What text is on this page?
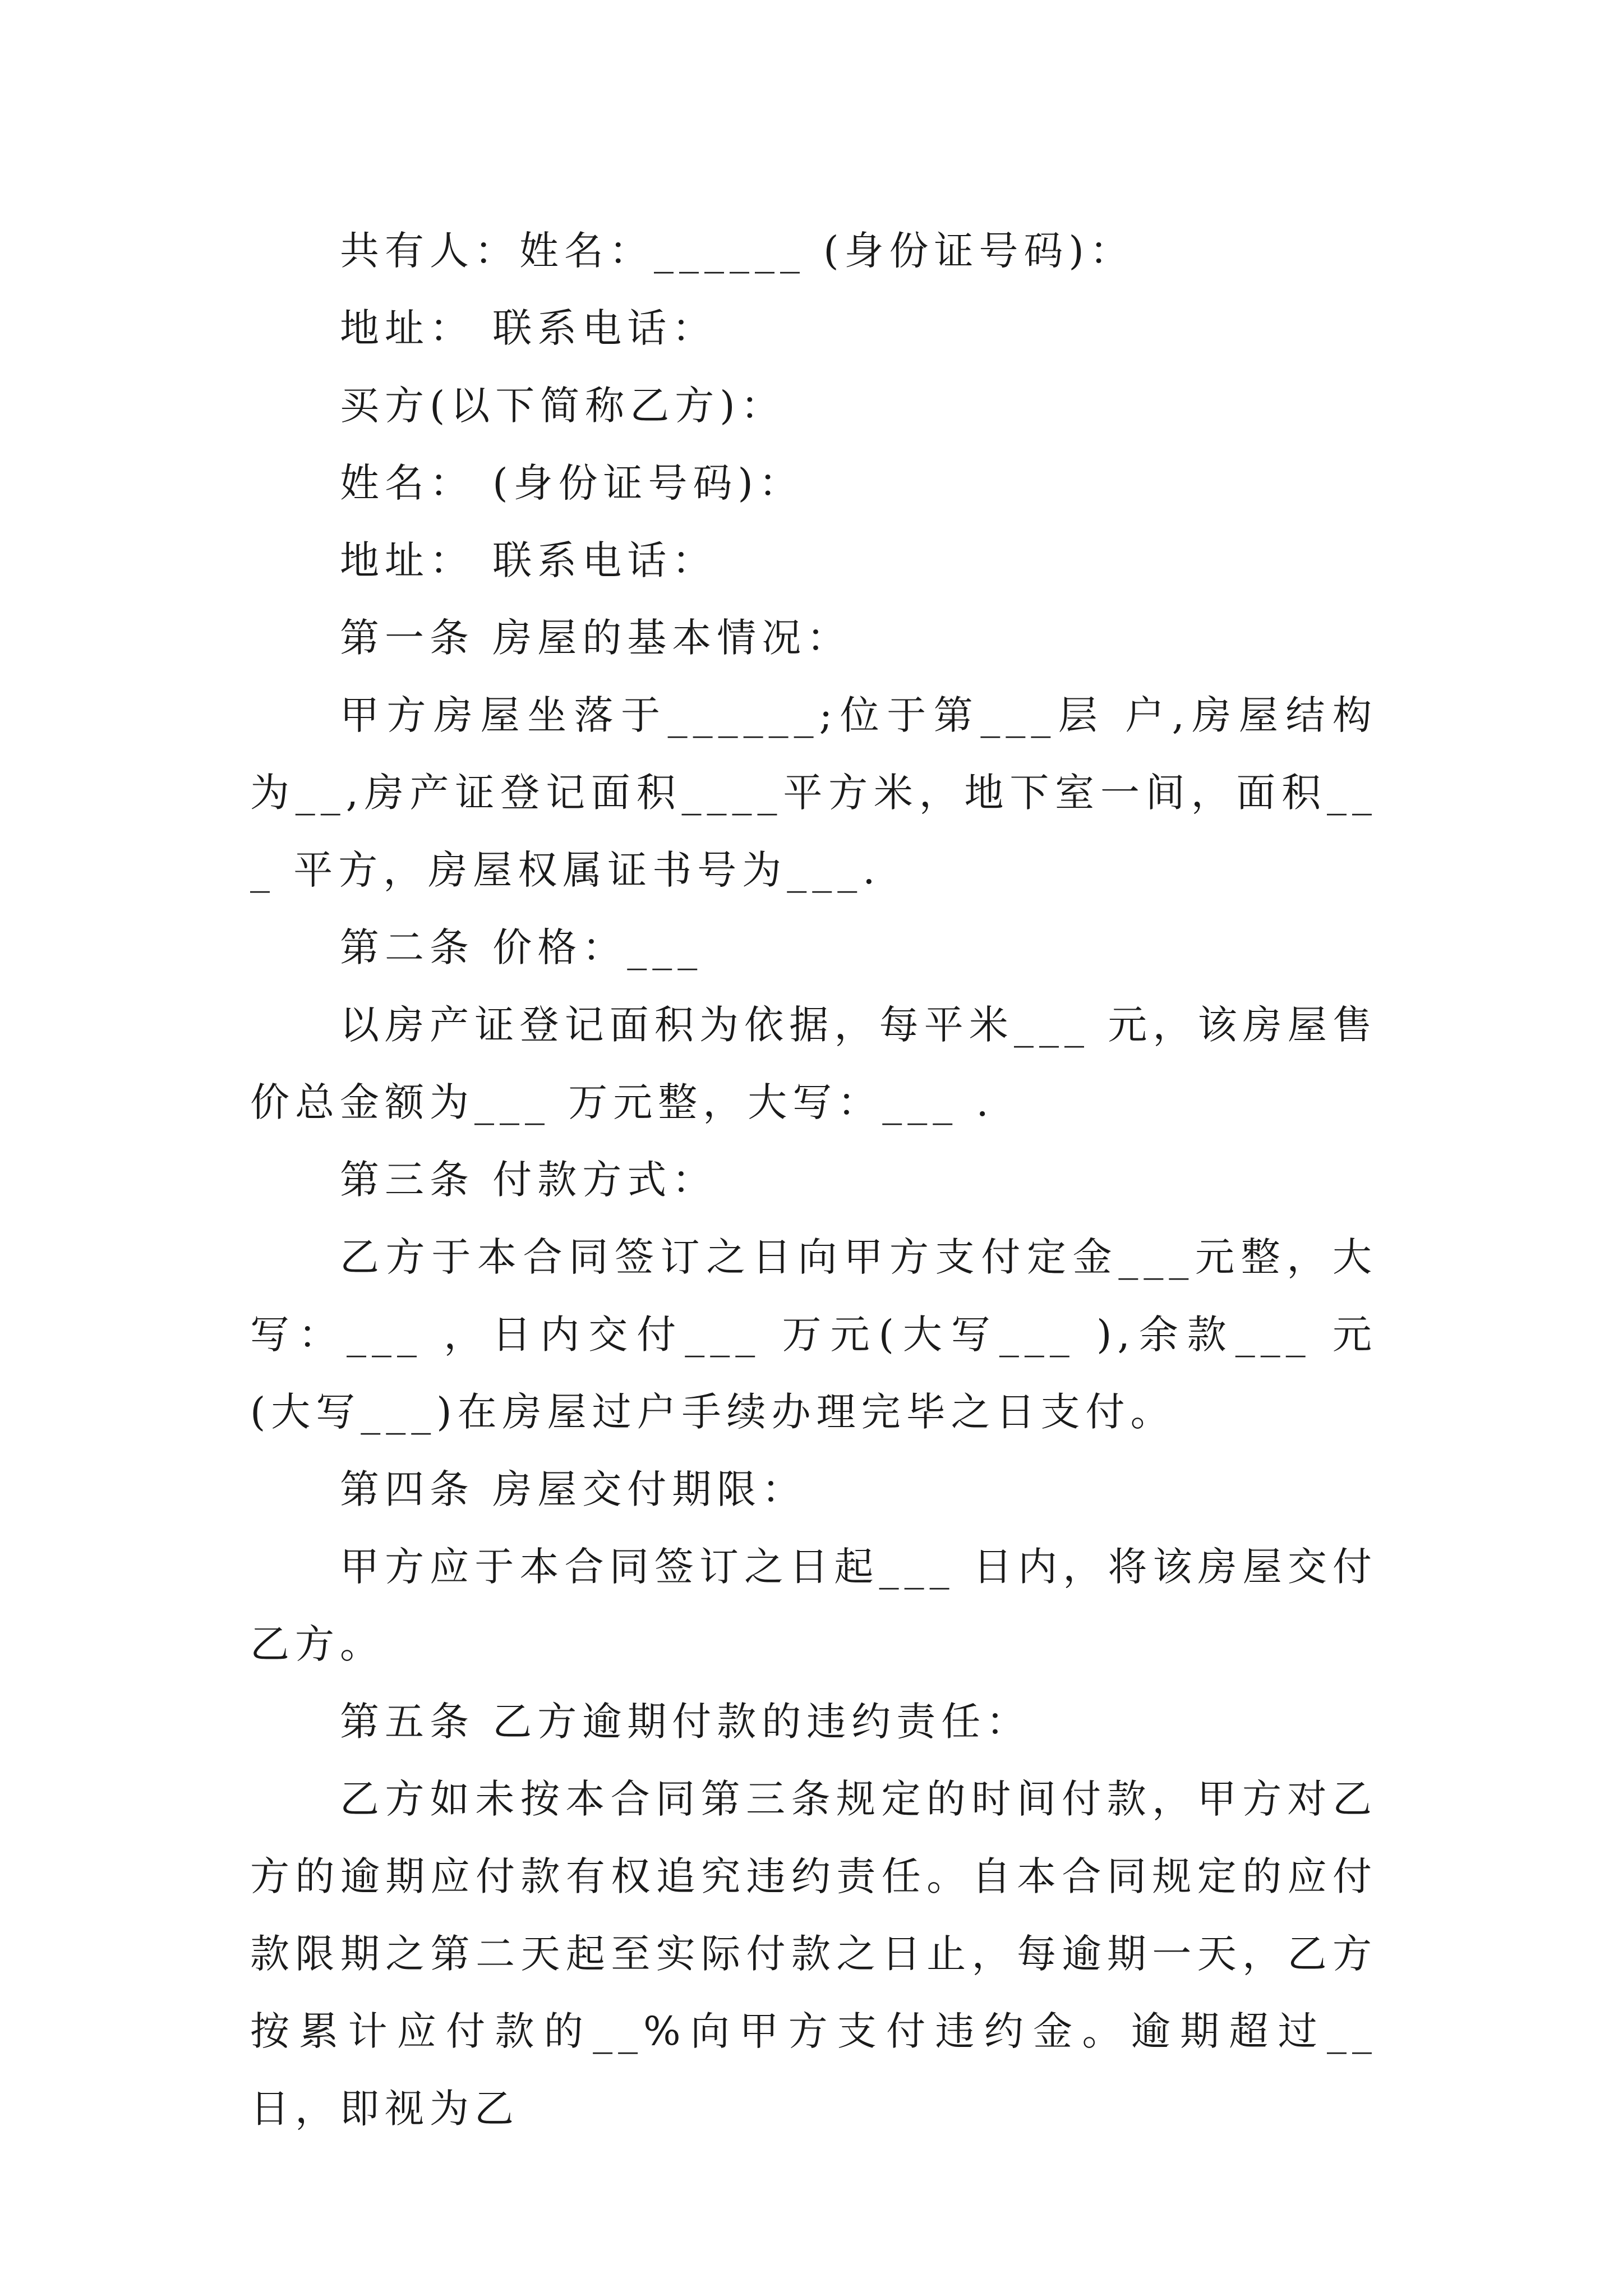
共有人：姓名：______ (身份证号码)：

地址： 联系电话：

买方(以下简称乙方)：

姓名： (身份证号码)：

地址： 联系电话：

第一条 房屋的基本情况：

甲方房屋坐落于______;位于第___层 户,房屋结构为__,房产证登记面积____平方米，地下室一间，面积___ 平方，房屋权属证书号为___.

第二条 价格：___

以房产证登记面积为依据，每平米___ 元，该房屋售价总金额为___ 万元整，大写：___ .

第三条 付款方式：

乙方于本合同签订之日向甲方支付定金___元整，大写：___ ，日内交付___ 万元(大写___ ),余款___ 元(大写___)在房屋过户手续办理完毕之日支付。

第四条 房屋交付期限：

甲方应于本合同签订之日起___ 日内，将该房屋交付乙方。

第五条 乙方逾期付款的违约责任：

乙方如未按本合同第三条规定的时间付款，甲方对乙方的逾期应付款有权追究违约责任。自本合同规定的应付款限期之第二天起至实际付款之日止，每逾期一天，乙方按累计应付款的__%向甲方支付违约金。逾期超过__日，即视为乙
